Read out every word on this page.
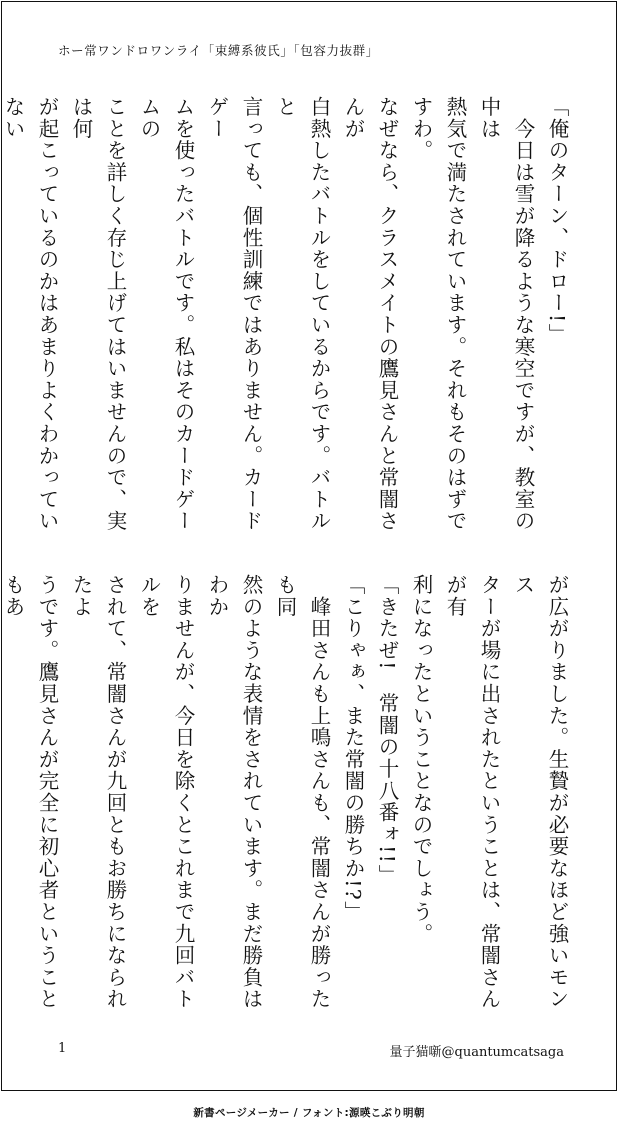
ホー常ワンドロワンライ「束縛系彼氏」「包容力抜群」
「俺のターン、ドロー!」
　今日は雪が降るような寒空ですが、教室の中は
熱気で満たされています。それもそのはずですわ。
なぜなら、クラスメイトの鷹見さんと常闇さんが
白熱したバトルをしているからです。バトルと
言っても、個性訓練ではありません。カードゲー
ムを使ったバトルです。私はそのカードゲームの
ことを詳しく存じ上げてはいませんので、実は何
が起こっているのかはあまりよくわかっていない

が広がりました。生贄が必要なほど強いモンス
ターが場に出されたということは、常闇さんが有
利になったということなのでしょう。
「きたぜ!　常闇の十八番ォ!!」
「こりゃぁ、また常闇の勝ちか!?」
　峰田さんも上鳴さんも、常闇さんが勝ったも同
然のような表情をされています。まだ勝負はわか
りませんが、今日を除くとこれまで九回バトルを
されて、常闇さんが九回ともお勝ちになられたよ
うです。鷹見さんが完全に初心者ということもあ

1	量子猫噺@quantumcatsaga
新書ページメーカー / フォント:源暎こぶり明朝
